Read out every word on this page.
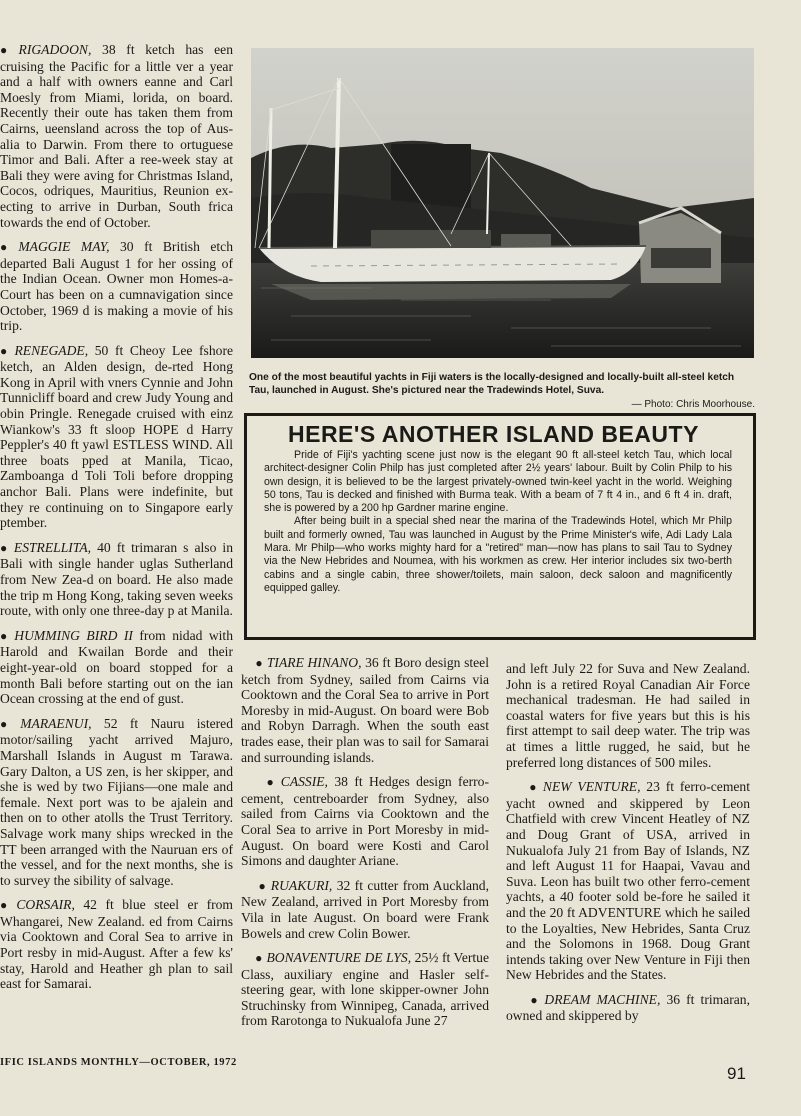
● RIGADOON, 38 ft ketch has een cruising the Pacific for a little ver a year and a half with owners eanne and Carl Moesly from Miami, lorida, on board. Recently their oute has taken them from Cairns, ueensland across the top of Aus-alia to Darwin. From there to ortuguese Timor and Bali. After a ree-week stay at Bali they were aving for Christmas Island, Cocos, odriques, Mauritius, Reunion ex-ecting to arrive in Durban, South frica towards the end of October.

● MAGGIE MAY, 30 ft British etch departed Bali August 1 for her ossing of the Indian Ocean. Owner mon Homes-a-Court has been on a cumnavigation since October, 1969 d is making a movie of his trip.

● RENEGADE, 50 ft Cheoy Lee fshore ketch, an Alden design, de-rted Hong Kong in April with vners Cynnie and John Tunnicliff board and crew Judy Young and obin Pringle. Renegade cruised with einz Wiankow's 33 ft sloop HOPE d Harry Peppler's 40 ft yawl ESTLESS WIND. All three boats pped at Manila, Ticao, Zamboanga d Toli Toli before dropping anchor Bali. Plans were indefinite, but they re continuing on to Singapore early ptember.

● ESTRELLITA, 40 ft trimaran s also in Bali with single hander uglas Sutherland from New Zea-d on board. He also made the trip m Hong Kong, taking seven weeks route, with only one three-day p at Manila.

● HUMMING BIRD II from nidad with Harold and Kwailan Borde and their eight-year-old on board stopped for a month Bali before starting out on the ian Ocean crossing at the end of gust.

● MARAENUI, 52 ft Nauru istered motor/sailing yacht arrived Majuro, Marshall Islands in August m Tarawa. Gary Dalton, a US zen, is her skipper, and she is wed by two Fijians—one male and female. Next port was to be ajalein and then on to other atolls the Trust Territory. Salvage work many ships wrecked in the TT been arranged with the Nauruan ers of the vessel, and for the next months, she is to survey the sibility of salvage.

● CORSAIR, 42 ft blue steel er from Whangarei, New Zealand. ed from Cairns via Cooktown and Coral Sea to arrive in Port resby in mid-August. After a few ks' stay, Harold and Heather gh plan to sail east for Samarai.

One of the most beautiful yachts in Fiji waters is the locally-designed and locally-built all-steel ketch Tau, launched in August. She's pictured near the Tradewinds Hotel, Suva.
— Photo: Chris Moorhouse.
HERE'S ANOTHER ISLAND BEAUTY

Pride of Fiji's yachting scene just now is the elegant 90 ft all-steel ketch Tau, which local architect-designer Colin Philp has just completed after 2½ years' labour. Built by Colin Philp to his own design, it is believed to be the largest privately-owned twin-keel yacht in the world. Weighing 50 tons, Tau is decked and finished with Burma teak. With a beam of 7 ft 4 in., and 6 ft 4 in. draft, she is powered by a 200 hp Gardner marine engine.

After being built in a special shed near the marina of the Tradewinds Hotel, which Mr Philp built and formerly owned, Tau was launched in August by the Prime Minister's wife, Adi Lady Lala Mara. Mr Philp—who works mighty hard for a "retired" man—now has plans to sail Tau to Sydney via the New Hebrides and Noumea, with his workmen as crew. Her interior includes six two-berth cabins and a single cabin, three shower/toilets, main saloon, deck saloon and magnificently equipped galley.

● TIARE HINANO, 36 ft Boro design steel ketch from Sydney, sailed from Cairns via Cooktown and the Coral Sea to arrive in Port Moresby in mid-August. On board were Bob and Robyn Darragh. When the south east trades ease, their plan was to sail for Samarai and surrounding islands.

● CASSIE, 38 ft Hedges design ferro-cement, centreboarder from Sydney, also sailed from Cairns via Cooktown and the Coral Sea to arrive in Port Moresby in mid-August. On board were Kosti and Carol Simons and daughter Ariane.

● RUAKURI, 32 ft cutter from Auckland, New Zealand, arrived in Port Moresby from Vila in late August. On board were Frank Bowels and crew Colin Bower.

● BONAVENTURE DE LYS, 25½ ft Vertue Class, auxiliary engine and Hasler self-steering gear, with lone skipper-owner John Struchinsky from Winnipeg, Canada, arrived from Rarotonga to Nukualofa June 27

and left July 22 for Suva and New Zealand. John is a retired Royal Canadian Air Force mechanical tradesman. He had sailed in coastal waters for five years but this is his first attempt to sail deep water. The trip was at times a little rugged, he said, but he preferred long distances of 500 miles.

● NEW VENTURE, 23 ft ferro-cement yacht owned and skippered by Leon Chatfield with crew Vincent Heatley of NZ and Doug Grant of USA, arrived in Nukualofa July 21 from Bay of Islands, NZ and left August 11 for Haapai, Vavau and Suva. Leon has built two other ferro-cement yachts, a 40 footer sold be-fore he sailed it and the 20 ft ADVENTURE which he sailed to the Loyalties, New Hebrides, Santa Cruz and the Solomons in 1968. Doug Grant intends taking over New Venture in Fiji then New Hebrides and the States.

● DREAM MACHINE, 36 ft trimaran, owned and skippered by

IFIC ISLANDS MONTHLY—OCTOBER, 1972
91
